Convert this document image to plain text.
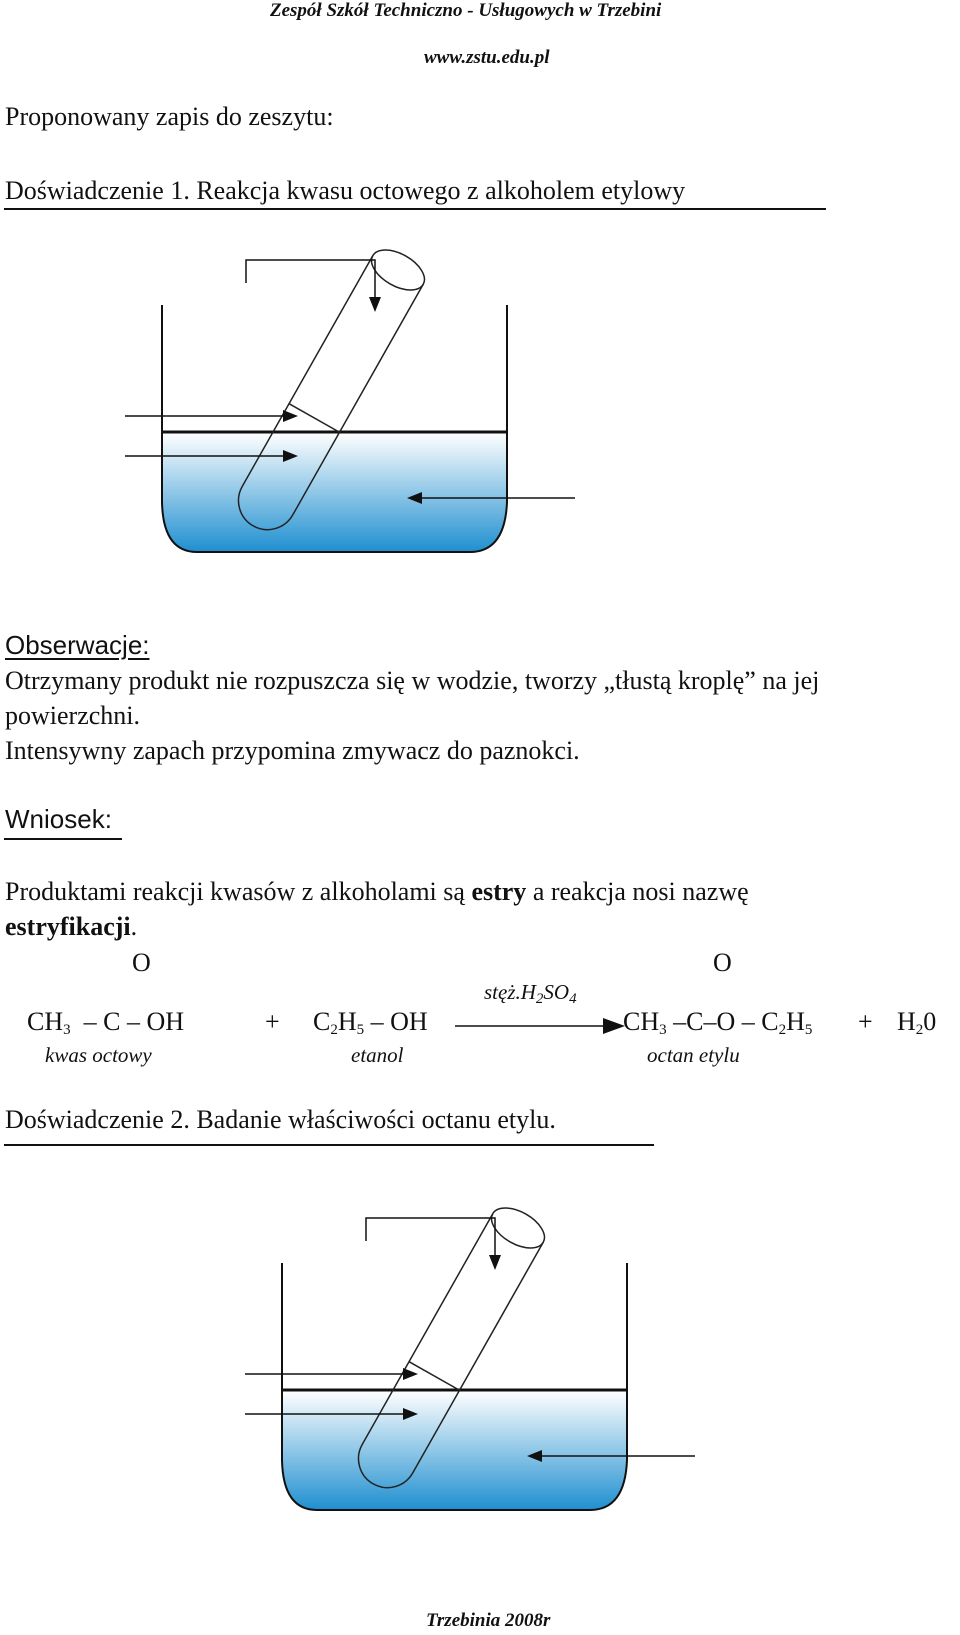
Zespół Szkół Techniczno - Usługowych w Trzebini
www.zstu.edu.pl
Proponowany zapis do zeszytu:
Doświadczenie 1. Reakcja kwasu octowego z alkoholem etylowy
Obserwacje:
Otrzymany produkt nie rozpuszcza się w wodzie, tworzy „tłustą kroplę” na jej
powierzchni.
Intensywny zapach przypomina zmywacz do paznokci.
Wniosek:
Produktami reakcji kwasów z alkoholami są estry a reakcja nosi nazwę
estryfikacji.
O	O
$stęż.H_2SO_4$
$CH_3$ – C – OH	+ $C_2H_5$ – OH	$CH_3$ $-C-O - C_2H_5 + H_20$
kwas octowy	etanol	octan etylu
Doświadczenie 2. Badanie właściwości octanu etylu.
Trzebinia 2008r
